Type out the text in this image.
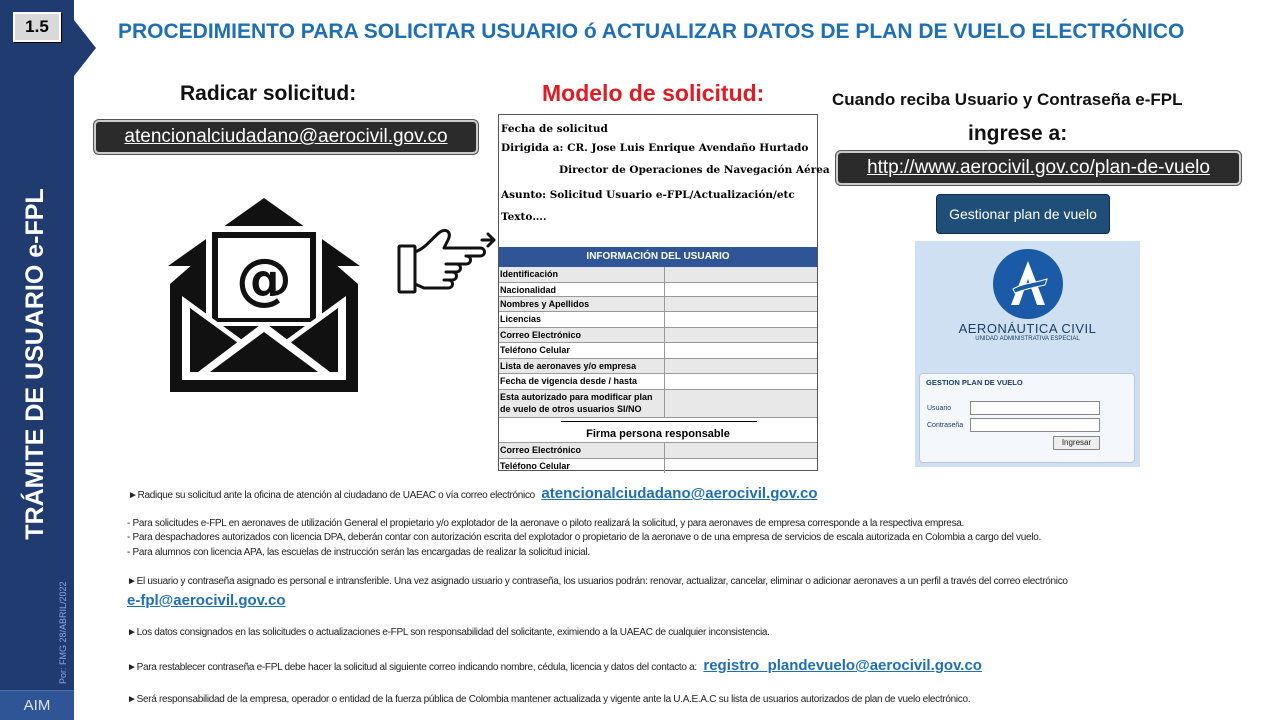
1.5
TRÁMITE DE USUARIO e-FPL
Por: FMG 28/ABRIL/2022
AIM
PROCEDIMIENTO PARA SOLICITAR USUARIO ó ACTUALIZAR DATOS DE PLAN DE VUELO ELECTRÓNICO
Radicar solicitud:
atencionalciudadano@aerocivil.gov.co
@
Modelo de solicitud:
Fecha de solicitud
Dirigida a: CR. Jose Luis Enrique Avendaño Hurtado
Director de Operaciones de Navegación Aérea
Asunto: Solicitud Usuario e-FPL/Actualización/etc
Texto….
INFORMACIÓN DEL USUARIO
Identificación
Nacionalidad
Nombres y Apellidos
Licencias
Correo Electrónico
Teléfono Celular
Lista de aeronaves y/o empresa
Fecha de vigencia desde / hasta
Esta autorizado para modificar plan
de vuelo de otros usuarios SI/NO
Firma persona responsable
Correo Electrónico
Teléfono Celular
Cuando reciba Usuario y Contraseña e-FPL
ingrese a:
http://www.aerocivil.gov.co/plan-de-vuelo
Gestionar plan de vuelo
AERONÁUTICA CIVIL
UNIDAD ADMINISTRATIVA ESPECIAL
GESTION PLAN DE VUELO
Usuario
Contraseña
Ingresar
►Radique su solicitud ante la oficina de atención al ciudadano de UAEAC o vía correo electrónico atencionalciudadano@aerocivil.gov.co
- Para solicitudes e-FPL en aeronaves de utilización General el propietario y/o explotador de la aeronave o piloto realizará la solicitud, y para aeronaves de empresa corresponde a la respectiva empresa.
- Para despachadores autorizados con licencia DPA, deberán contar con autorización escrita del explotador o propietario de la aeronave o de una empresa de servicios de escala autorizada en Colombia a cargo del vuelo.
- Para alumnos con licencia APA, las escuelas de instrucción serán las encargadas de realizar la solicitud inicial.
►El usuario y contraseña asignado es personal e intransferible. Una vez asignado usuario y contraseña, los usuarios podrán: renovar, actualizar, cancelar, eliminar o adicionar aeronaves a un perfil a través del correo electrónico
e-fpl@aerocivil.gov.co
►Los datos consignados en las solicitudes o actualizaciones e-FPL son responsabilidad del solicitante, eximiendo a la UAEAC de cualquier inconsistencia.
►Para restablecer contraseña e-FPL debe hacer la solicitud al siguiente correo indicando nombre, cédula, licencia y datos del contacto a: registro_plandevuelo@aerocivil.gov.co
►Será responsabilidad de la empresa, operador o entidad de la fuerza pública de Colombia mantener actualizada y vigente ante la U.A.E.A.C su lista de usuarios autorizados de plan de vuelo electrónico.
